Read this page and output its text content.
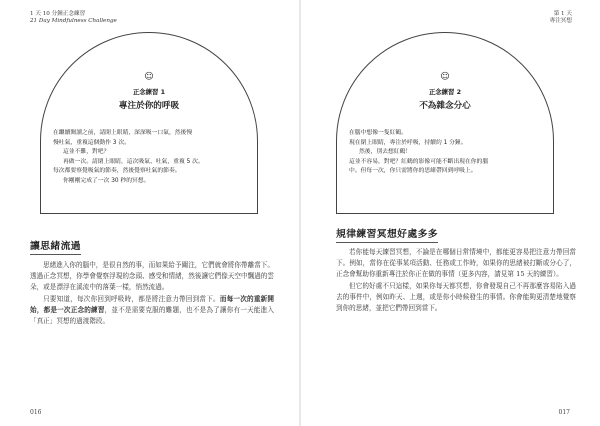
1 天 10 分鐘正念練習
21 Day Mindfulness Challenge
☺
正念練習 1
專注於你的呼吸
在繼續閱讀之前，請閉上眼睛，深深吸一口氣，然後慢
慢吐氣，重複這個動作 3 次。
這並不難，對吧？
再做一次。請閉上眼睛，這次吸氣、吐氣，重複 5 次。
每次都要察覺吸氣的節奏，然後覺察吐氣的節奏。
你剛剛完成了一次 30 秒的冥想。
讓思緒流過

思緒進入你的腦中，是很自然的事，而如果給予關注，它們就會將你帶離當下。透過正念冥想，你學會覺察浮現的念頭、感受和情緒，然後讓它們像天空中飄過的雲朵，或是漂浮在溪流中的落葉一樣，悄然流過。

只要知道，每次你回到呼吸時，都是將注意力帶回到當下。而每一次的重新開始，都是一次正念的練習，並不是需要克服的難題，也不是為了讓你有一天能進入「真正」冥想的過渡階段。

016
第 1 天
專注冥想
☺
正念練習 2
不為雜念分心
在腦中想像一隻紅鶴。
現在閉上眼睛，專注於呼吸，持續約 1 分鐘。
然後，別去想紅鶴！
這並不容易，對吧？紅鶴的影像可能不斷出現在你的腦
中。但每一次，你只需將你的思緒帶回到呼吸上。
規律練習冥想好處多多

若你能每天練習冥想，不論是在哪個日常情境中，都能更容易把注意力帶回當下。例如，當你在從事某項活動、任務或工作時，如果你的思緒被打斷或分心了，正念會幫助你重新專注於你正在做的事情（更多內容，請見第 15 天的練習）。

但它的好處不只這樣，如果你每天都冥想，你會發現自己不再那麼容易陷入過去的事件中，例如昨天、上週，或是你小時候發生的事情。你會能夠更清楚地覺察到你的思緒，並把它們帶回到當下。

017
